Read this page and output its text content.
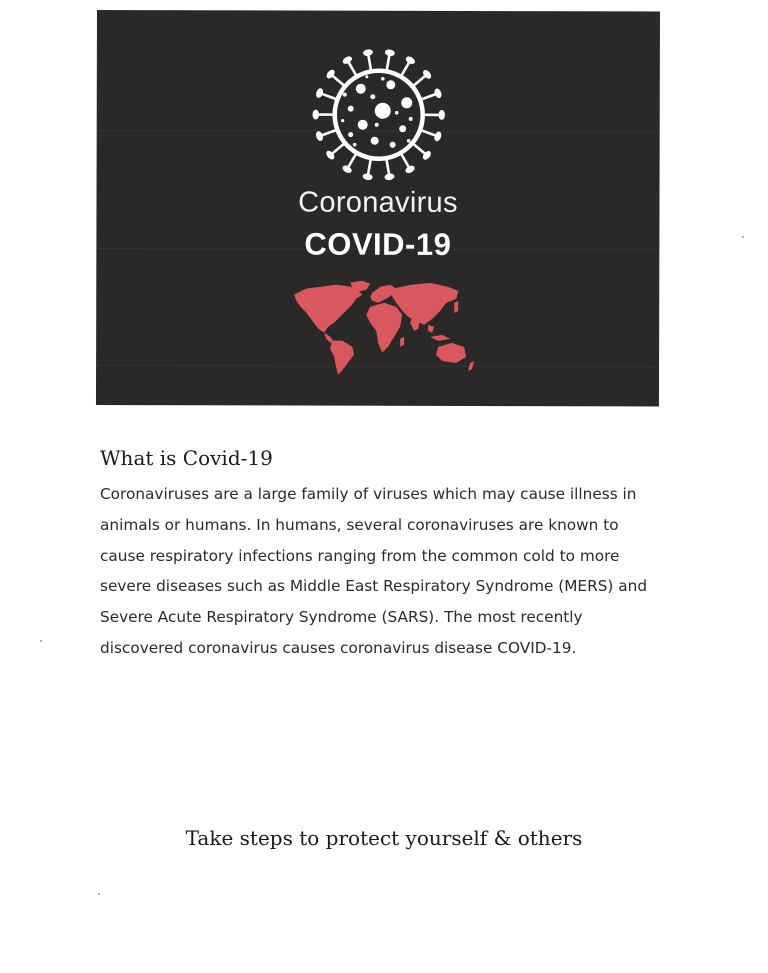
Coronavirus
COVID-19
What is Covid-19

Coronaviruses are a large family of viruses which may cause illness in animals or humans. In humans, several coronaviruses are known to cause respiratory infections ranging from the common cold to more severe diseases such as Middle East Respiratory Syndrome (MERS) and Severe Acute Respiratory Syndrome (SARS). The most recently discovered coronavirus causes coronavirus disease COVID-19.

Take steps to protect yourself & others
